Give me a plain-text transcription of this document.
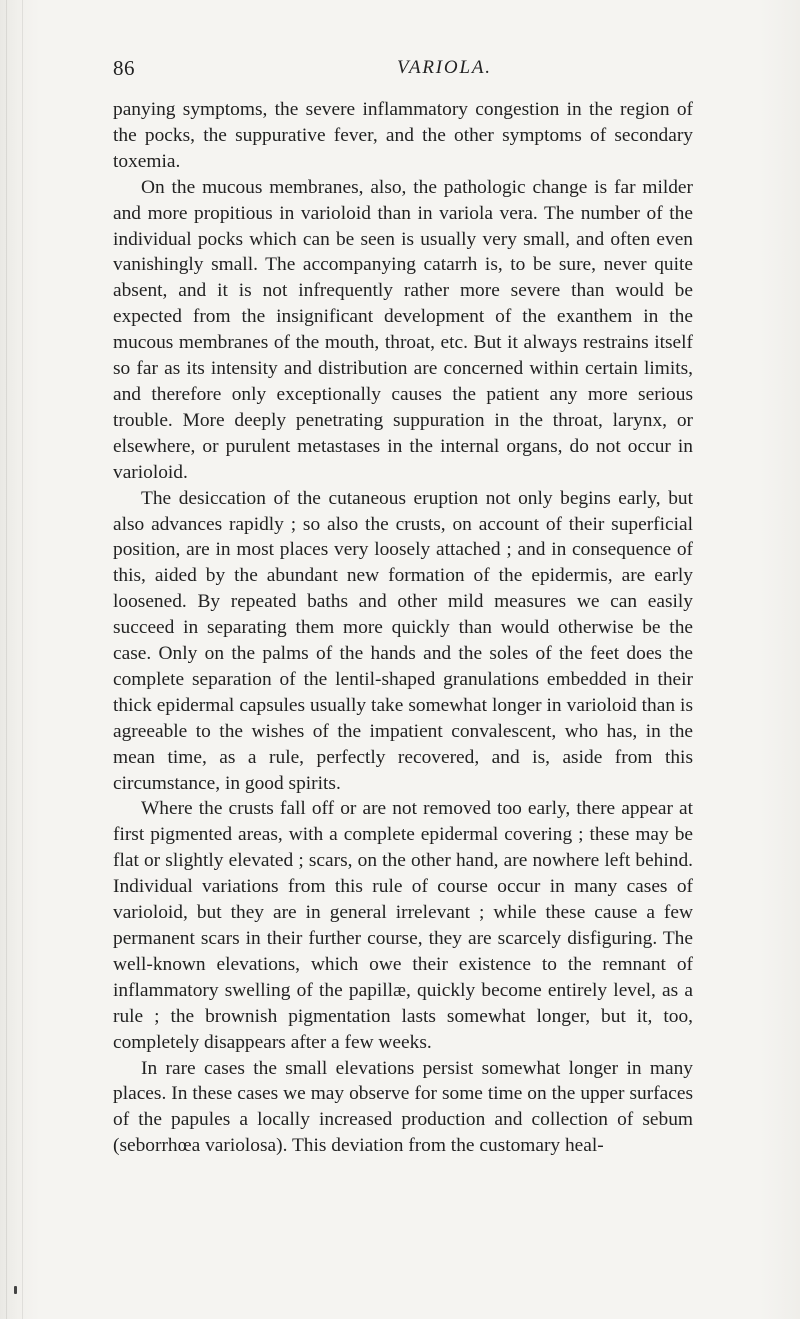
86	VARIOLA.

panying symptoms, the severe inflammatory congestion in the region of the pocks, the suppurative fever, and the other symptoms of secondary toxemia.

On the mucous membranes, also, the pathologic change is far milder and more propitious in varioloid than in variola vera. The number of the individual pocks which can be seen is usually very small, and often even vanishingly small. The accompanying catarrh is, to be sure, never quite absent, and it is not infrequently rather more severe than would be expected from the insignificant development of the exanthem in the mucous membranes of the mouth, throat, etc. But it always restrains itself so far as its intensity and distribution are concerned within certain limits, and therefore only exceptionally causes the patient any more serious trouble. More deeply penetrating suppuration in the throat, larynx, or elsewhere, or purulent metastases in the internal organs, do not occur in varioloid.

The desiccation of the cutaneous eruption not only begins early, but also advances rapidly ; so also the crusts, on account of their superficial position, are in most places very loosely attached ; and in consequence of this, aided by the abundant new formation of the epidermis, are early loosened. By repeated baths and other mild measures we can easily succeed in separating them more quickly than would otherwise be the case. Only on the palms of the hands and the soles of the feet does the complete separation of the lentil-shaped granulations embedded in their thick epidermal capsules usually take somewhat longer in varioloid than is agreeable to the wishes of the impatient convalescent, who has, in the mean time, as a rule, perfectly recovered, and is, aside from this circumstance, in good spirits.

Where the crusts fall off or are not removed too early, there appear at first pigmented areas, with a complete epidermal covering ; these may be flat or slightly elevated ; scars, on the other hand, are nowhere left behind. Individual variations from this rule of course occur in many cases of varioloid, but they are in general irrelevant ; while these cause a few permanent scars in their further course, they are scarcely disfiguring. The well-known elevations, which owe their existence to the remnant of inflammatory swelling of the papillæ, quickly become entirely level, as a rule ; the brownish pigmentation lasts somewhat longer, but it, too, completely disappears after a few weeks.

In rare cases the small elevations persist somewhat longer in many places. In these cases we may observe for some time on the upper surfaces of the papules a locally increased production and collection of sebum (seborrhœa variolosa). This deviation from the customary heal-
